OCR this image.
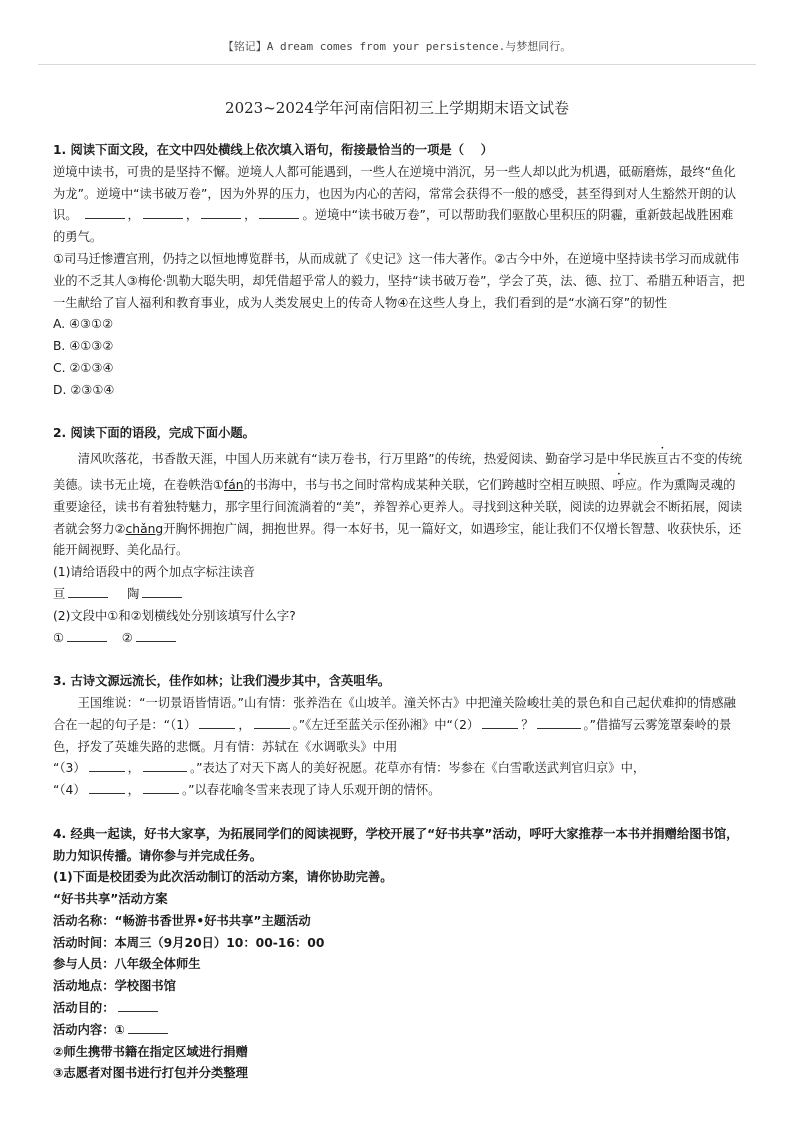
【铭记】A dream comes from your persistence.与梦想同行。
2023~2024学年河南信阳初三上学期期末语文试卷

1. 阅读下面文段，在文中四处横线上依次填入语句，衔接最恰当的一项是（　 ）

逆境中读书，可贵的是坚持不懈。逆境人人都可能遇到，一些人在逆境中消沉，另一些人却以此为机遇，砥砺磨炼，最终“鱼化为龙”。逆境中“读书破万卷”，因为外界的压力，也因为内心的苦闷，常常会获得不一般的感受，甚至得到对人生豁然开朗的认识。	，	，	，	。逆境中“读书破万卷”，可以帮助我们驱散心里积压的阴霾，重新鼓起战胜困难的勇气。

①司马迁惨遭宫刑，仍持之以恒地博览群书，从而成就了《史记》这一伟大著作。②古今中外，在逆境中坚持读书学习而成就伟业的不乏其人③梅伦·凯勒大聪失明，却凭借超乎常人的毅力，坚持“读书破万卷”，学会了英，法、德、拉丁、希腊五种语言，把一生献给了盲人福利和教育事业，成为人类发展史上的传奇人物④在这些人身上，我们看到的是“水滴石穿”的韧性

A. ④③①②

B. ④①③②

C. ②①③④

D. ②③①④

2. 阅读下面的语段，完成下面小题。

清风吹落花，书香散天涯，中国人历来就有“读万卷书，行万里路”的传统，热爱阅读、勤奋学习是中华民族亘古不变的传统美德。读书无止境，在卷帙浩①fán的书海中，书与书之间时常构成某种关联，它们跨越时空相互映照、呼应。作为熏陶灵魂的重要途径，读书有着独特魅力，那字里行间流淌着的“美”，养智养心更养人。寻找到这种关联，阅读的边界就会不断拓展，阅读者就会努力②chǎng开胸怀拥抱广阔，拥抱世界。得一本好书，见一篇好文，如遇珍宝，能让我们不仅增长智慧、收获快乐，还能开阔视野、美化品行。

(1)请给语段中的两个加点字标注读音

亘	陶

(2)文段中①和②划横线处分别该填写什么字?

①	②

3. 古诗文源远流长，佳作如林；让我们漫步其中，含英咀华。

王国维说：“一切景语皆情语。”山有情：张养浩在《山坡羊。潼关怀古》中把潼关险峻壮美的景色和自己起伏难抑的情感融合在一起的句子是：“（1）	，	。”《左迁至蓝关示侄孙湘》中“（2）	？	。”借描写云雾笼罩秦岭的景色，抒发了英雄失路的悲慨。月有情：苏轼在《水调歌头》中用

“（3）	，	。”表达了对天下离人的美好祝愿。花草亦有情：岑参在《白雪歌送武判官归京》中，

“（4）	，	。”以春花喻冬雪来表现了诗人乐观开朗的情怀。

4. 经典一起读，好书大家享，为拓展同学们的阅读视野，学校开展了“好书共享”活动，呼吁大家推荐一本书并捐赠给图书馆，助力知识传播。请你参与并完成任务。

(1)下面是校团委为此次活动制订的活动方案，请你协助完善。

“好书共享”活动方案

活动名称：“畅游书香世界•好书共享”主题活动

活动时间：本周三（9月20日）10：00-16：00

参与人员：八年级全体师生

活动地点：学校图书馆

活动目的：

活动内容：①

②师生携带书籍在指定区域进行捐赠

③志愿者对图书进行打包并分类整理
